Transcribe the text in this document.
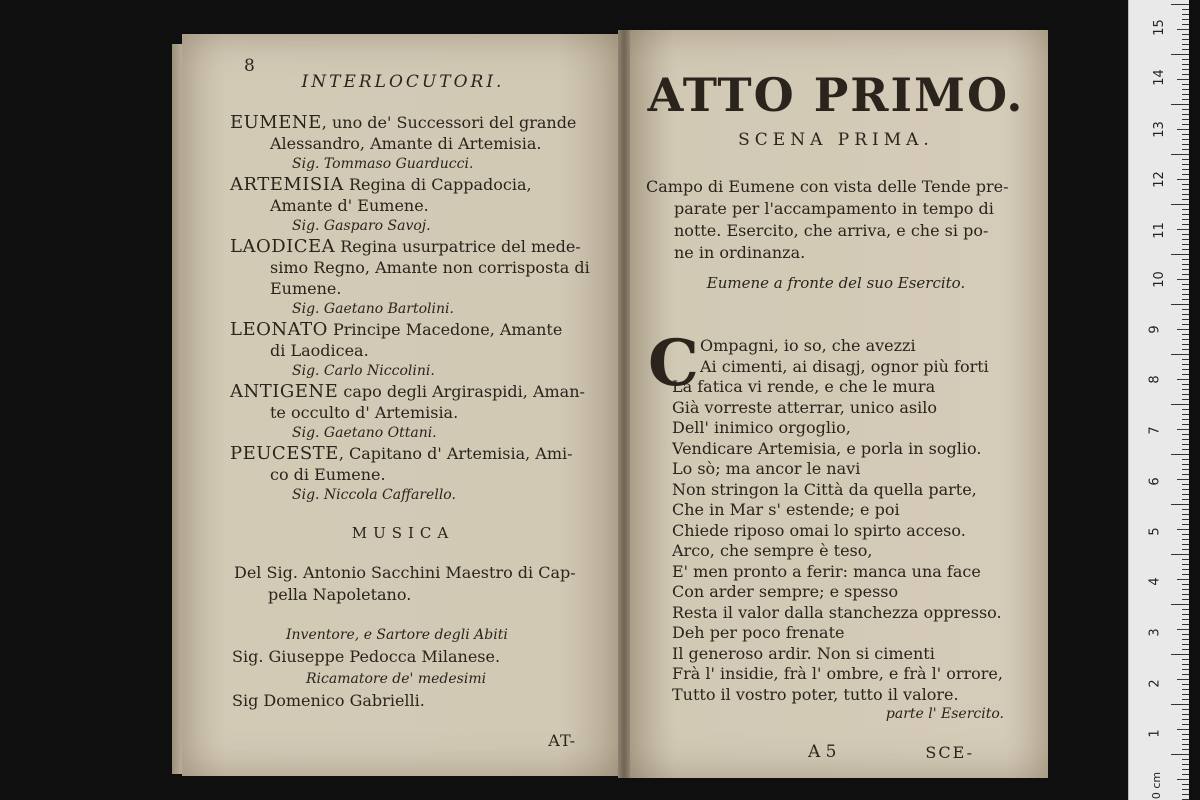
8
INTERLOCUTORI.
EUMENE, uno de' Successori del grande
Alessandro, Amante di Artemisia.
Sig. Tommaso Guarducci.
ARTEMISIA Regina di Cappadocia,
Amante d' Eumene.
Sig. Gasparo Savoj.
LAODICEA Regina usurpatrice del mede-
simo Regno, Amante non corrisposta di Eumene.
Sig. Gaetano Bartolini.
LEONATO Principe Macedone, Amante
di Laodicea.
Sig. Carlo Niccolini.
ANTIGENE capo degli Argiraspidi, Aman-
te occulto d' Artemisia.
Sig. Gaetano Ottani.
PEUCESTE, Capitano d' Artemisia, Ami-
co di Eumene.
Sig. Niccola Caffarello.
MUSICA
Del Sig. Antonio Sacchini Maestro di Cap-
pella Napoletano.
Inventore, e Sartore degli Abiti
Sig. Giuseppe Pedocca Milanese.
Ricamatore de' medesimi
Sig Domenico Gabrielli.
AT-
ATTO PRIMO.
SCENA PRIMA.
Campo di Eumene con vista delle Tende pre-
parate per l'accampamento in tempo di
notte. Esercito, che arriva, e che si po-
ne in ordinanza.
Eumene a fronte del suo Esercito.
C Ompagni, io so, che avezzi
Ai cimenti, ai disagj, ognor più forti
La fatica vi rende, e che le mura
Già vorreste atterrar, unico asilo
Dell' inimico orgoglio,
Vendicare Artemisia, e porla in soglio.
Lo sò; ma ancor le navi
Non stringon la Città da quella parte,
Che in Mar s' estende; e poi
Chiede riposo omai lo spirto acceso.
Arco, che sempre è teso,
E' men pronto a ferir: manca una face
Con arder sempre; e spesso
Resta il valor dalla stanchezza oppresso.
Deh per poco frenate
Il generoso ardir. Non si cimenti
Frà l' insidie, frà l' ombre, e frà l' orrore,
Tutto il vostro poter, tutto il valore.
parte l' Esercito.
A 5	SCE-
15
14
13
12
11
10
9
8
7
6
5
4
3
2
1
0 cm
